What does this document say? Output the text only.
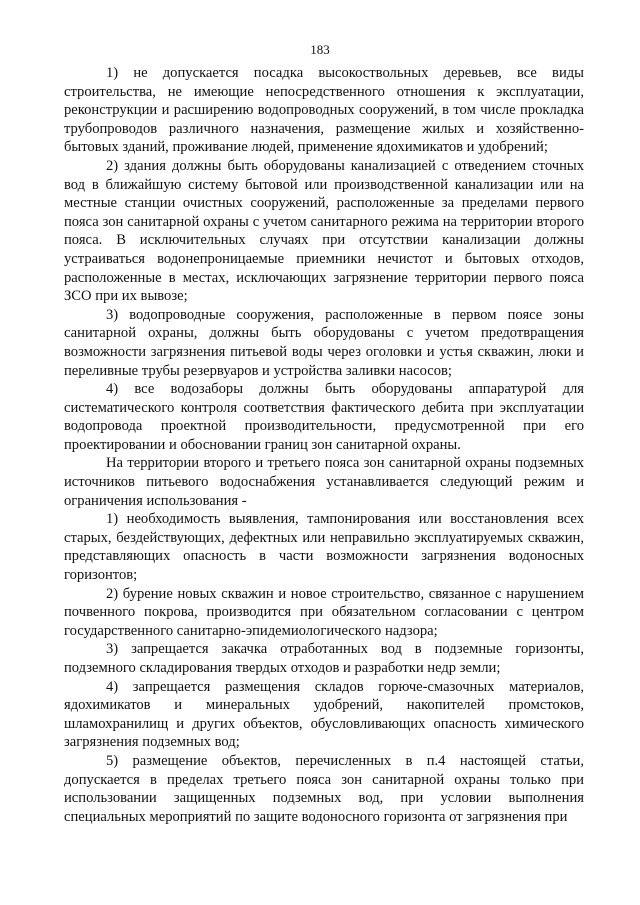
183

1) не допускается посадка высокоствольных деревьев, все виды строительства, не имеющие непосредственного отношения к эксплуатации, реконструкции и расширению водопроводных сооружений, в том числе прокладка трубопроводов различного назначения, размещение жилых и хозяйственно-бытовых зданий, проживание людей, применение ядохимикатов и удобрений;

2) здания должны быть оборудованы канализацией с отведением сточных вод в ближайшую систему бытовой или производственной канализации или на местные станции очистных сооружений, расположенные за пределами первого пояса зон санитарной охраны с учетом санитарного режима на территории второго пояса. В исключительных случаях при отсутствии канализации должны устраиваться водонепроницаемые приемники нечистот и бытовых отходов, расположенные в местах, исключающих загрязнение территории первого пояса ЗСО при их вывозе;

3) водопроводные сооружения, расположенные в первом поясе зоны санитарной охраны, должны быть оборудованы с учетом предотвращения возможности загрязнения питьевой воды через оголовки и устья скважин, люки и переливные трубы резервуаров и устройства заливки насосов;

4) все водозаборы должны быть оборудованы аппаратурой для систематического контроля соответствия фактического дебита при эксплуатации водопровода проектной производительности, предусмотренной при его проектировании и обосновании границ зон санитарной охраны.

На территории второго и третьего пояса зон санитарной охраны подземных источников питьевого водоснабжения устанавливается следующий режим и ограничения использования -

1) необходимость выявления, тампонирования или восстановления всех старых, бездействующих, дефектных или неправильно эксплуатируемых скважин, представляющих опасность в части возможности загрязнения водоносных горизонтов;

2) бурение новых скважин и новое строительство, связанное с нарушением почвенного покрова, производится при обязательном согласовании с центром государственного санитарно-эпидемиологического надзора;

3) запрещается закачка отработанных вод в подземные горизонты, подземного складирования твердых отходов и разработки недр земли;

4) запрещается размещения складов горюче-смазочных материалов, ядохимикатов и минеральных удобрений, накопителей промстоков, шламохранилищ и других объектов, обусловливающих опасность химического загрязнения подземных вод;

5) размещение объектов, перечисленных в п.4 настоящей статьи, допускается в пределах третьего пояса зон санитарной охраны только при использовании защищенных подземных вод, при условии выполнения специальных мероприятий по защите водоносного горизонта от загрязнения при
